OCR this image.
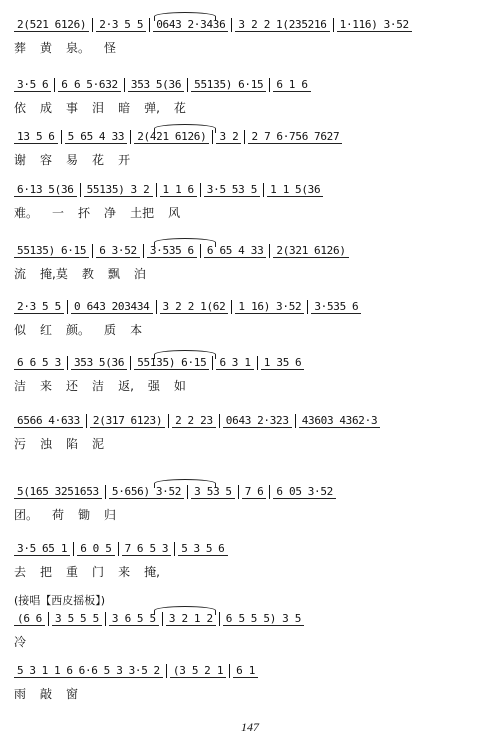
2(521 6126) 2·3 5 5 0643 2·3436 3 2 2 1(235216 1·116) 3·52
葬 黄 泉。 怪
3·5 6 6 6 5·632 353 5(36 55135) 6·15 6 1 6
依 成 事 泪 暗 弹, 花
13 5 6 5 65 4 33 2(421 6126) 3 2 2 7 6·756 7627
谢 容 易 花 开
6·13 5(36 55135) 3 2 1 1 6 3·5 53 5 1 1 5(36
难。 一 抔 净 土把 风
55135) 6·15 6 3·52 3·535 6 6 65 4 33 2(321 6126)
流 掩,莫 教 飘 泊
2·3 5 5 0 643 203434 3 2 2 1(62 1 16) 3·52 3·535 6
似 红 颜。 质 本
6 6 5 3 353 5(36 55135) 6·15 6 3 1 1 35 6
洁 来 还 洁 返, 强 如
6566 4·633 2(317 6123) 2 2 23 0643 2·323 43603 4362·3
污 浊 陷 泥
5(165 3251653 5·656) 3·52 3 53 5 7 6 6 05 3·52
团。 荷 锄 归
3·5 65 1 6 0 5 7 6 5 3 5 3 5 6
去 把 重 门 来 掩,
(6 6 3 5 5 5 3 6 5 5 3 2 1 2 6 5 5 5) 3 5
冷
5 3 1 1 6 6·6 5 3 3·5 2 (3 5 2 1 6 1
雨 敲 窗
(接唱【西皮摇板】)
147
